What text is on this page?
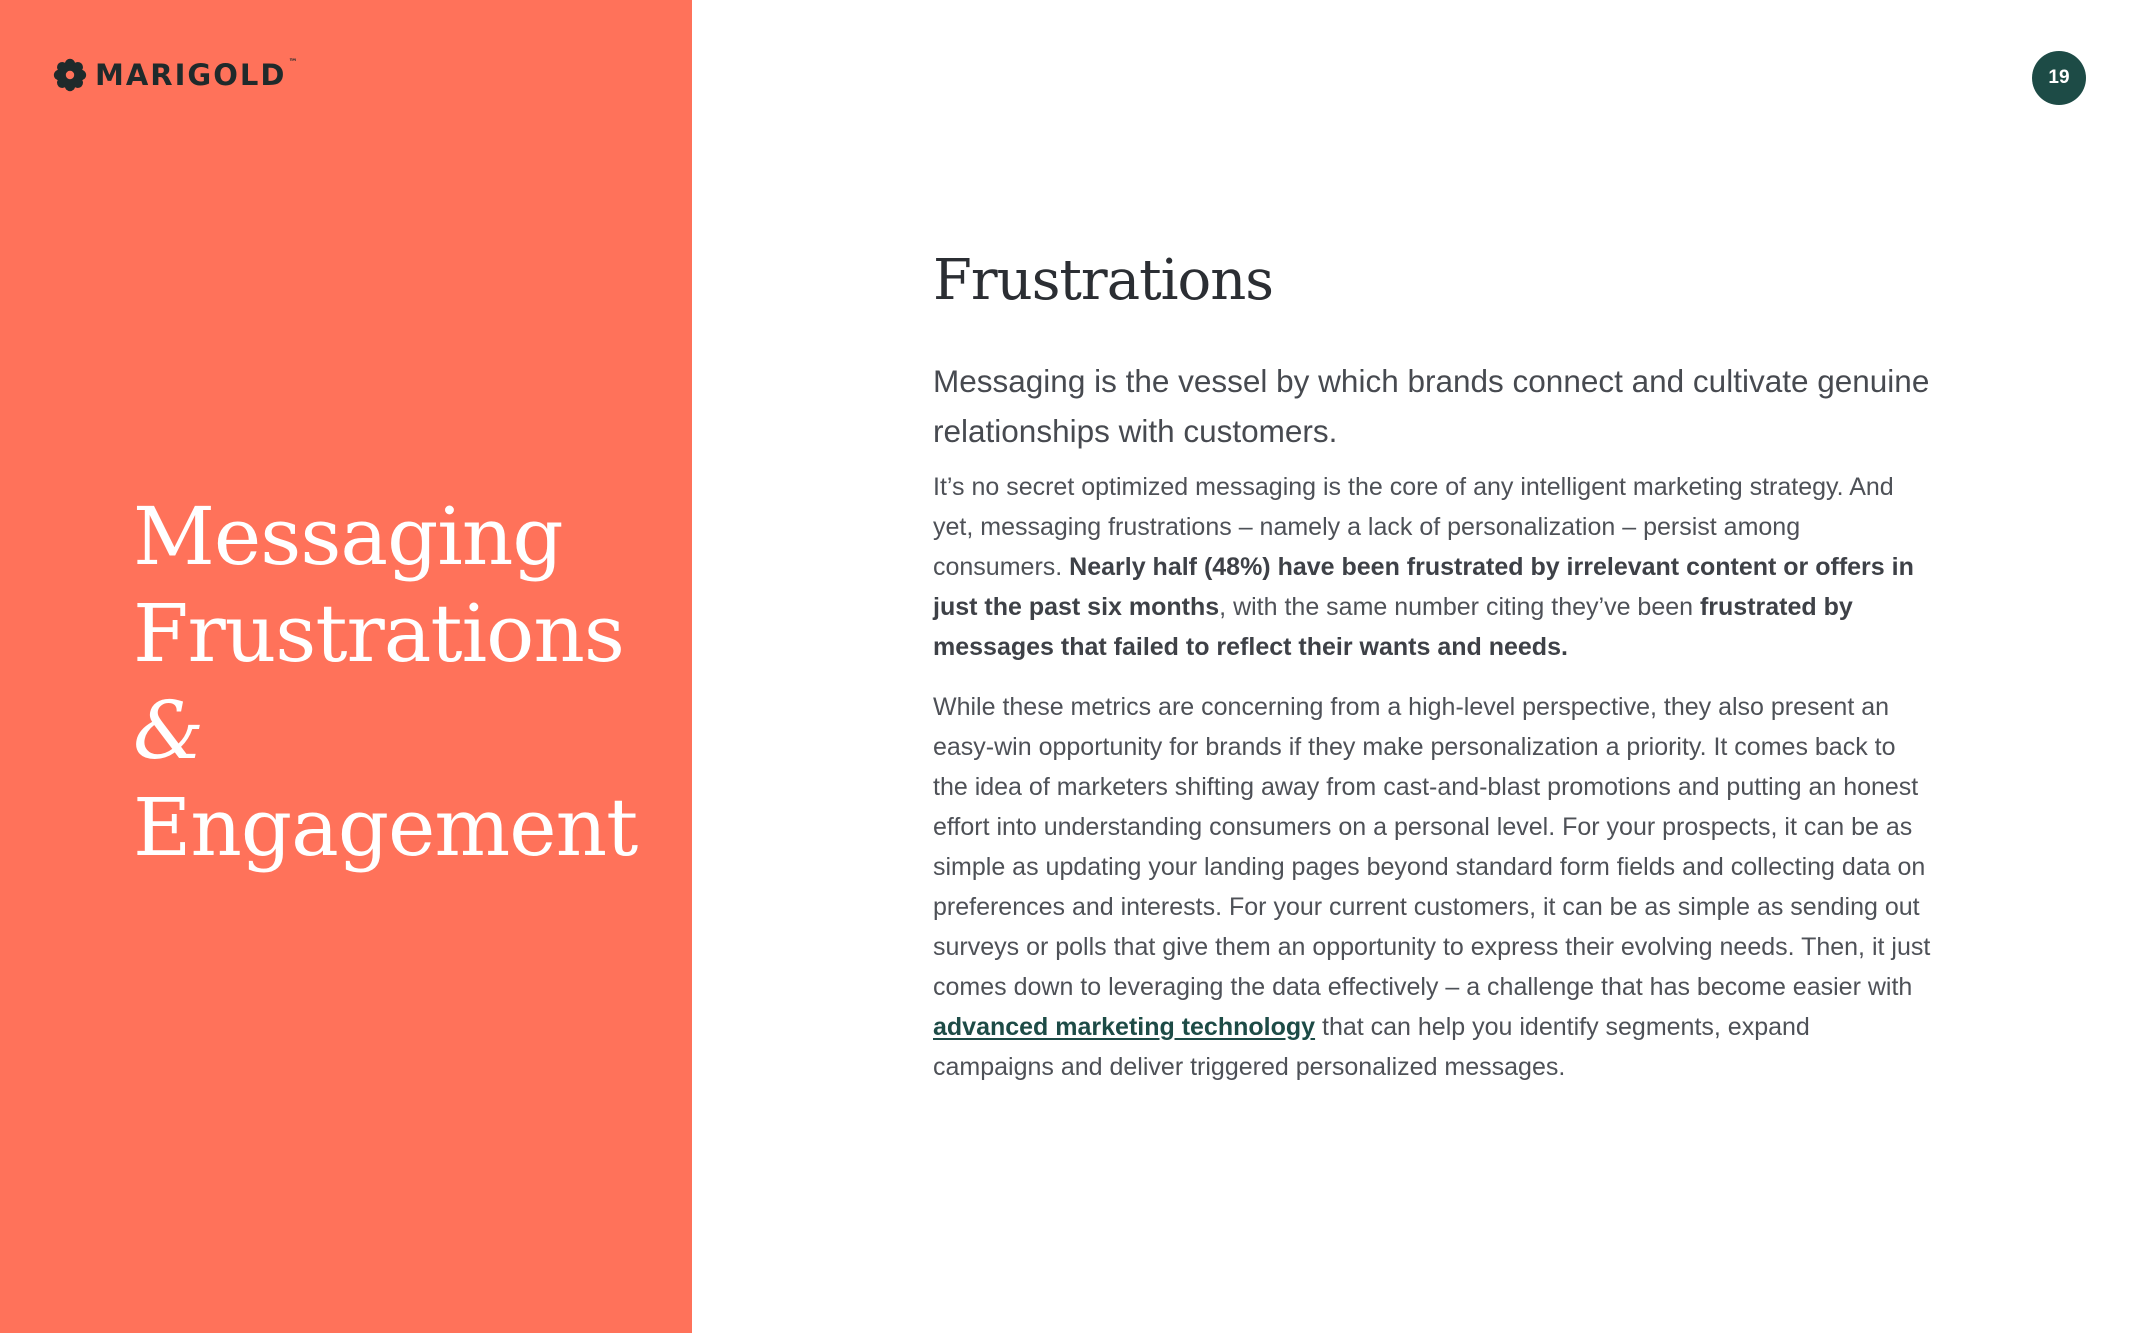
MARIGOLD ™
Messaging
Frustrations
&
Engagement
19
Frustrations

Messaging is the vessel by which brands connect and cultivate genuine relationships with customers.

It’s no secret optimized messaging is the core of any intelligent marketing strategy. And yet, messaging frustrations – namely a lack of personalization – persist among consumers. Nearly half (48%) have been frustrated by irrelevant content or offers in just the past six months, with the same number citing they’ve been frustrated by messages that failed to reflect their wants and needs.

While these metrics are concerning from a high-level perspective, they also present an easy-win opportunity for brands if they make personalization a priority. It comes back to the idea of marketers shifting away from cast-and-blast promotions and putting an honest effort into understanding consumers on a personal level. For your prospects, it can be as simple as updating your landing pages beyond standard form fields and collecting data on preferences and interests. For your current customers, it can be as simple as sending out surveys or polls that give them an opportunity to express their evolving needs. Then, it just comes down to leveraging the data effectively – a challenge that has become easier with advanced marketing technology that can help you identify segments, expand campaigns and deliver triggered personalized messages.
